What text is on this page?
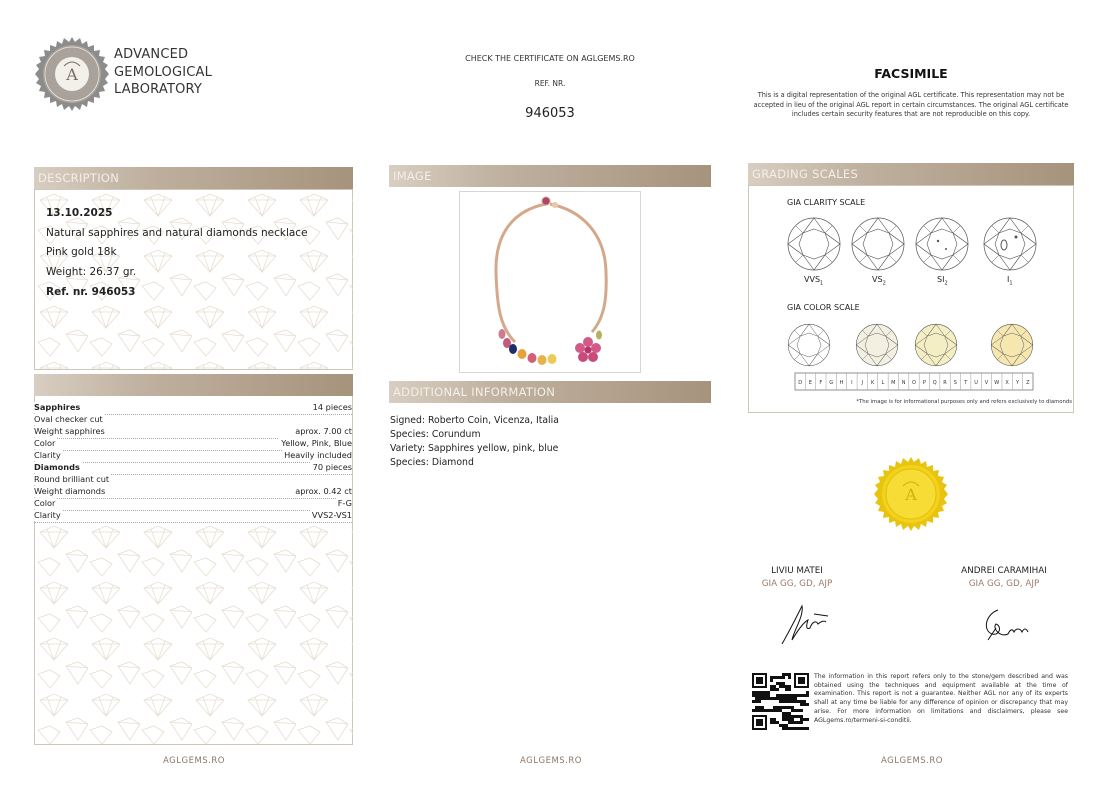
A
ADVANCED
GEMOLOGICAL
LABORATORY
CHECK THE CERTIFICATE ON AGLGEMS.RO
REF. NR.
946053
FACSIMILE
This is a digital representation of the original AGL certificate. This representation may not be accepted in lieu of the original AGL report in certain circumstances. The original AGL certificate includes certain security features that are not reproducible on this copy.
DESCRIPTION
13.10.2025
Natural sapphires and natural diamonds necklace
Pink gold 18k
Weight: 26.37 gr.
Ref. nr. 946053
Sapphires	14 pieces
Oval checker cut
Weight sapphires	aprox. 7.00 ct
Color	Yellow, Pink, Blue
Clarity	Heavily included
Diamonds	70 pieces
Round brilliant cut
Weight diamonds	aprox. 0.42 ct
Color	F-G
Clarity	VVS2-VS1
IMAGE
ADDITIONAL INFORMATION
Signed: Roberto Coin, Vicenza, Italia
Species: Corundum
Variety: Sapphires yellow, pink, blue
Species: Diamond
GRADING SCALES
GIA CLARITY SCALE
GIA COLOR SCALE
D E F G H I J K L M N O P Q R S T U V W X Y Z
$VVS_1$	$VS_2$	$SI_2$	$I_1$
*The image is for informational purposes only and refers exclusively to diamonds
A
LIVIU MATEI
GIA GG, GD, AJP
ANDREI CARAMIHAI
GIA GG, GD, AJP
The information in this report refers only to the stone/gem described and was obtained using the techniques and equipment available at the time of examination. This report is not a guarantee. Neither AGL nor any of its experts shall at any time be liable for any difference of opinion or discrepancy that may arise. For more information on limitations and disclaimers, please see AGLgems.ro/termeni-si-conditii.
AGLGEMS.RO	AGLGEMS.RO	AGLGEMS.RO
